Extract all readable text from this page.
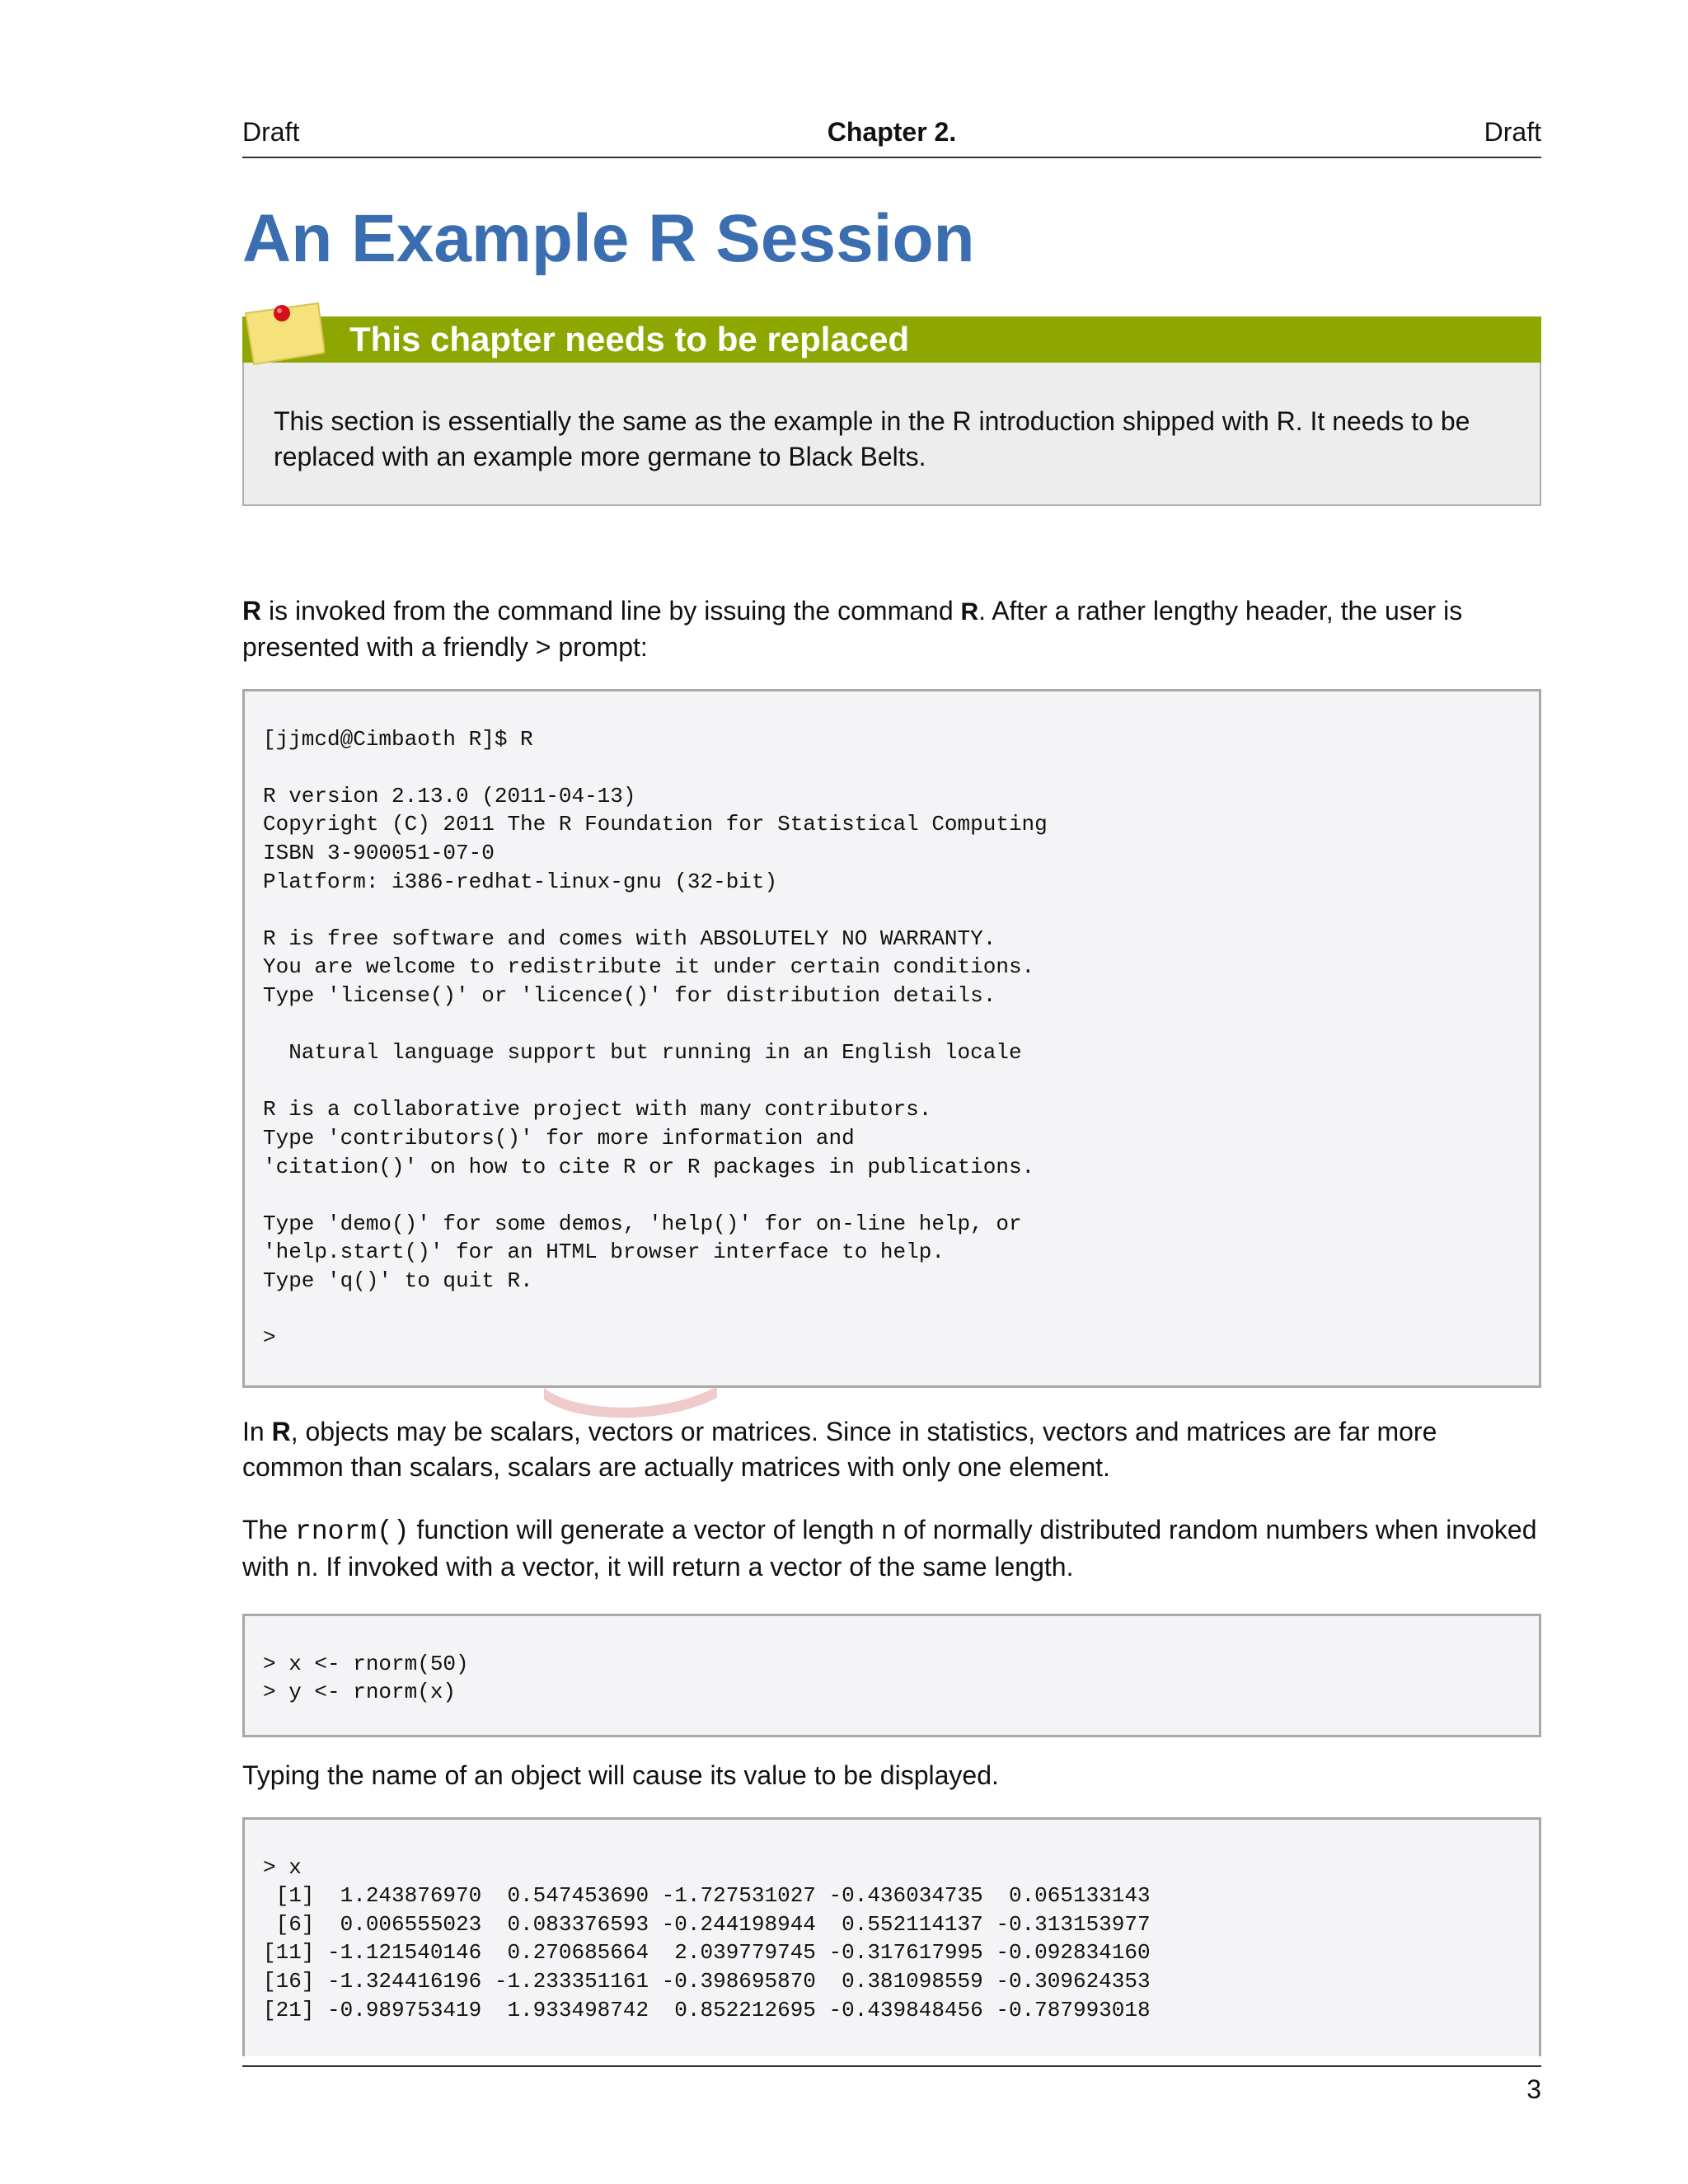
Draft	Chapter 2.	Draft
An Example R Session
This chapter needs to be replaced

This section is essentially the same as the example in the R introduction shipped with R. It needs to be replaced with an example more germane to Black Belts.

R is invoked from the command line by issuing the command R. After a rather lengthy header, the user is presented with a friendly > prompt:

[jjmcd@Cimbaoth R]$ R

R version 2.13.0 (2011-04-13)
Copyright (C) 2011 The R Foundation for Statistical Computing
ISBN 3-900051-07-0
Platform: i386-redhat-linux-gnu (32-bit)

R is free software and comes with ABSOLUTELY NO WARRANTY.
You are welcome to redistribute it under certain conditions.
Type 'license()' or 'licence()' for distribution details.

Natural language support but running in an English locale

R is a collaborative project with many contributors.
Type 'contributors()' for more information and
'citation()' on how to cite R or R packages in publications.

Type 'demo()' for some demos, 'help()' for on-line help, or
'help.start()' for an HTML browser interface to help.
Type 'q()' to quit R.

>

In R, objects may be scalars, vectors or matrices. Since in statistics, vectors and matrices are far more common than scalars, scalars are actually matrices with only one element.

The rnorm() function will generate a vector of length n of normally distributed random numbers when invoked with n. If invoked with a vector, it will return a vector of the same length.

> x <- rnorm(50)
> y <- rnorm(x)

Typing the name of an object will cause its value to be displayed.

> x
[1]  1.243876970  0.547453690 -1.727531027 -0.436034735  0.065133143
[6]  0.006555023  0.083376593 -0.244198944  0.552114137 -0.313153977
[11] -1.121540146  0.270685664  2.039779745 -0.317617995 -0.092834160
[16] -1.324416196 -1.233351161 -0.398695870  0.381098559 -0.309624353
[21] -0.989753419  1.933498742  0.852212695 -0.439848456 -0.787993018
3
